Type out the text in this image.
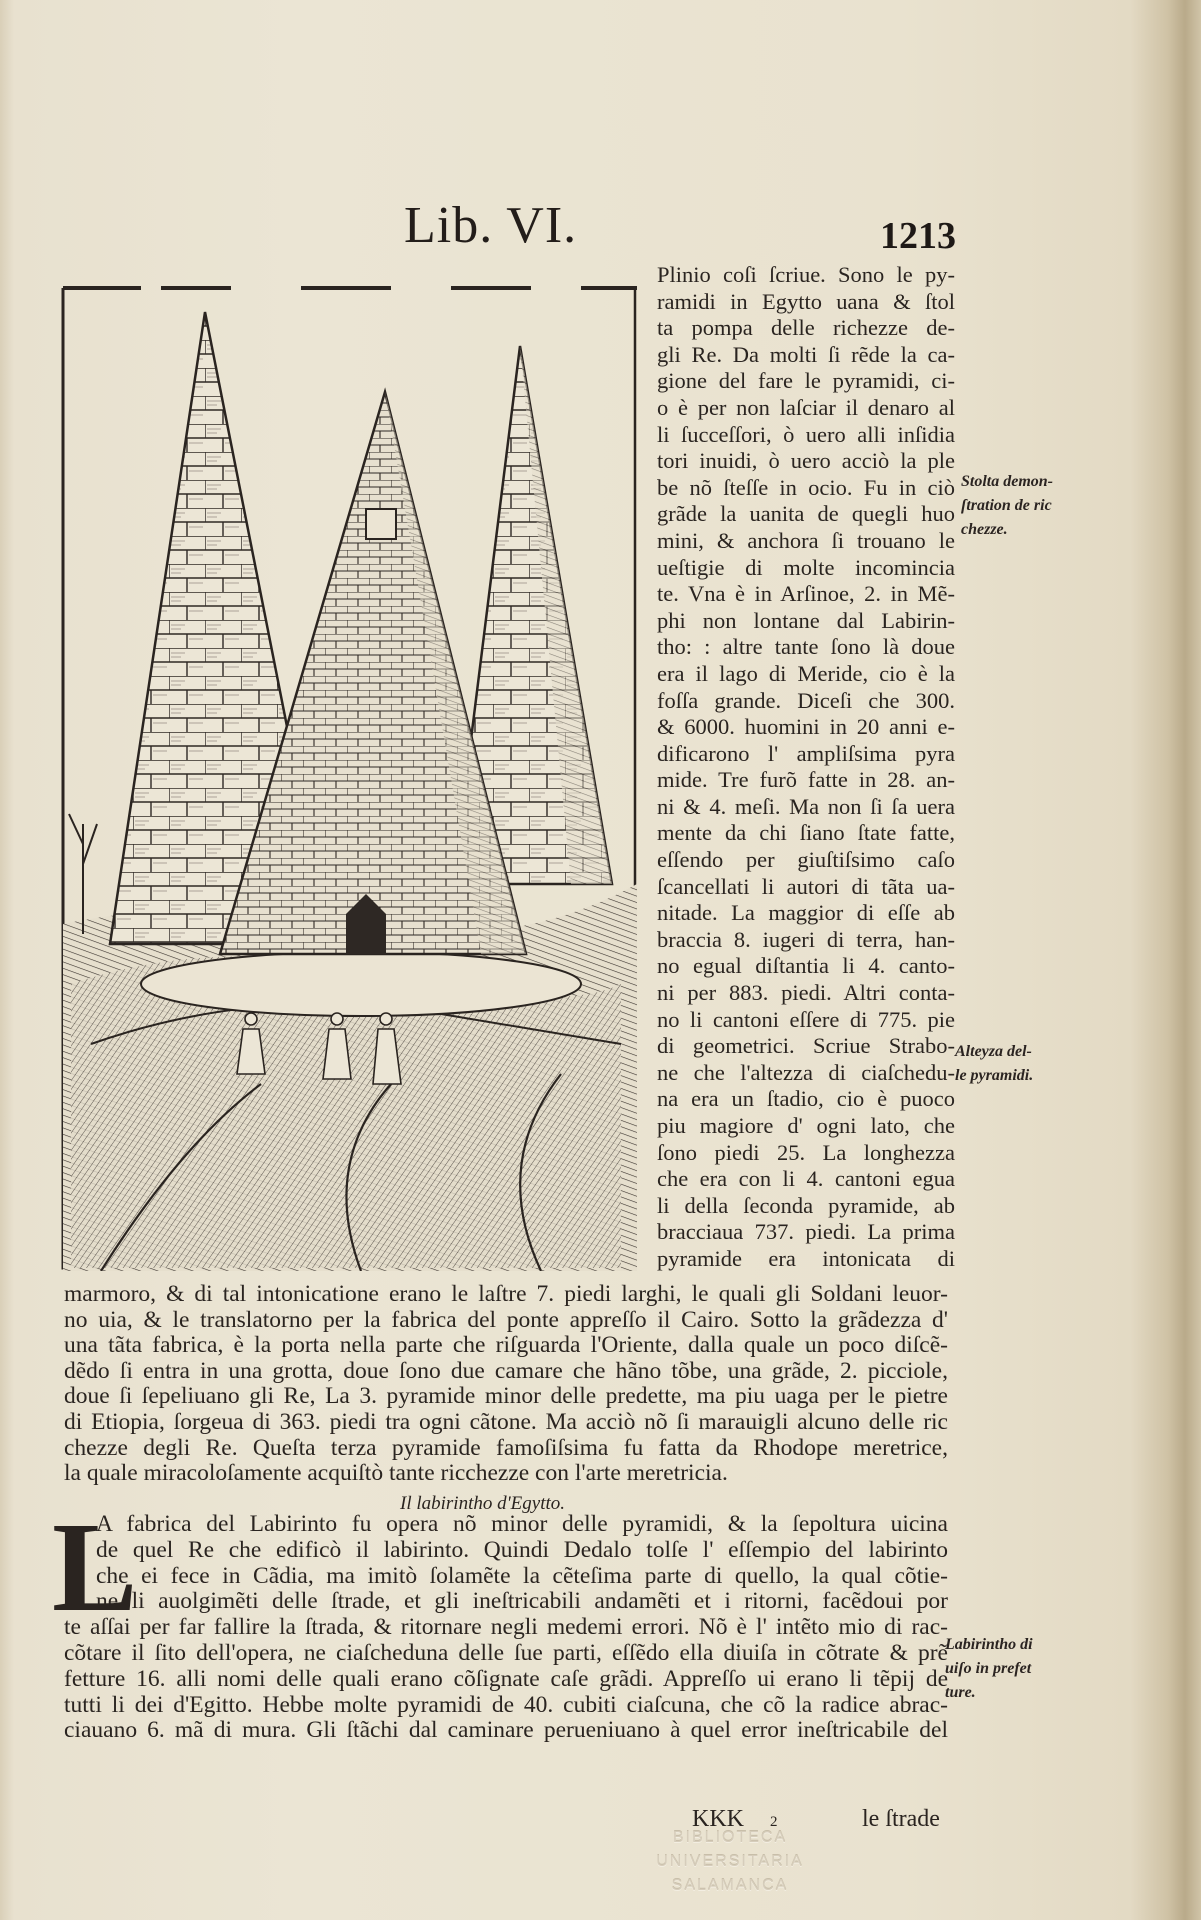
Lib. VI.	1213
Plinio coſi ſcriue. Sono le py-
ramidi in Egytto uana & ſtol
ta pompa delle richezze de-
gli Re. Da molti ſi rẽde la ca-
gione del fare le pyramidi, ci-
o è per non laſciar il denaro al
li ſucceſſori, ò uero alli inſidia
tori inuidi, ò uero acciò la ple
be nõ ſteſſe in ocio. Fu in ciò
grãde la uanita de quegli huo
mini, & anchora ſi trouano le
ueſtigie di molte incomincia
te. Vna è in Arſinoe, 2. in Mẽ-
phi non lontane dal Labirin-
tho: : altre tante ſono là doue
era il lago di Meride, cio è la
foſſa grande. Diceſi che 300.
& 6000. huomini in 20 anni e-
dificarono l' ampliſsima pyra
mide. Tre furõ fatte in 28. an-
ni & 4. meſi. Ma non ſi ſa uera
mente da chi ſiano ſtate fatte,
eſſendo per giuſtiſsimo caſo
ſcancellati li autori di tãta ua-
nitade. La maggior di eſſe ab
braccia 8. iugeri di terra, han-
no egual diſtantia li 4. canto-
ni per 883. piedi. Altri conta-
no li cantoni eſſere di 775. pie
di geometrici. Scriue Strabo-
ne che l'altezza di ciaſchedu-
na era un ſtadio, cio è puoco
piu magiore d' ogni lato, che
ſono piedi 25. La longhezza
che era con li 4. cantoni egua
li della ſeconda pyramide, ab
bracciaua 737. piedi. La prima
pyramide era intonicata di
Stolta demon-
ſtration de ric
chezze.
Alteyza del-
le pyramidi.
Labirintho di
uiſo in prefet
ture.
marmoro, & di tal intonicatione erano le laſtre 7. piedi larghi, le quali gli Soldani leuor-
no uia, & le translatorno per la fabrica del ponte appreſſo il Cairo. Sotto la grãdezza d'
una tãta fabrica, è la porta nella parte che riſguarda l'Oriente, dalla quale un poco diſcẽ-
dẽdo ſi entra in una grotta, doue ſono due camare che hãno tõbe, una grãde, 2. picciole,
doue ſi ſepeliuano gli Re, La 3. pyramide minor delle predette, ma piu uaga per le pietre
di Etiopia, ſorgeua di 363. piedi tra ogni cãtone. Ma acciò nõ ſi marauigli alcuno delle ric
chezze degli Re. Queſta terza pyramide famoſiſsima fu fatta da Rhodope meretrice,
la quale miracoloſamente acquiſtò tante ricchezze con l'arte meretricia.
Il labirintho d'Egytto.
L
A fabrica del Labirinto fu opera nõ minor delle pyramidi, & la ſepoltura uicina
de quel Re che edificò il labirinto. Quindi Dedalo tolſe l' eſſempio del labirinto
che ei fece in Cãdia, ma imitò ſolamẽte la cẽteſima parte di quello, la qual cõtie-
ne li auolgimẽti delle ſtrade, et gli ineſtricabili andamẽti et i ritorni, facẽdoui por
te aſſai per far fallire la ſtrada, & ritornare negli medemi errori. Nõ è l' intẽto mio di rac-
cõtare il ſito dell'opera, ne ciaſcheduna delle ſue parti, eſſẽdo ella diuiſa in cõtrate & prẽ
fetture 16. alli nomi delle quali erano cõſignate caſe grãdi. Appreſſo ui erano li tẽpij de
tutti li dei d'Egitto. Hebbe molte pyramidi de 40. cubiti ciaſcuna, che cõ la radice abrac-
ciauano 6. mã di mura. Gli ſtãchi dal caminare perueniuano à quel error ineſtricabile del
KKK 2	le ſtrade
BIBLIOTECA
UNIVERSITARIA
SALAMANCA
